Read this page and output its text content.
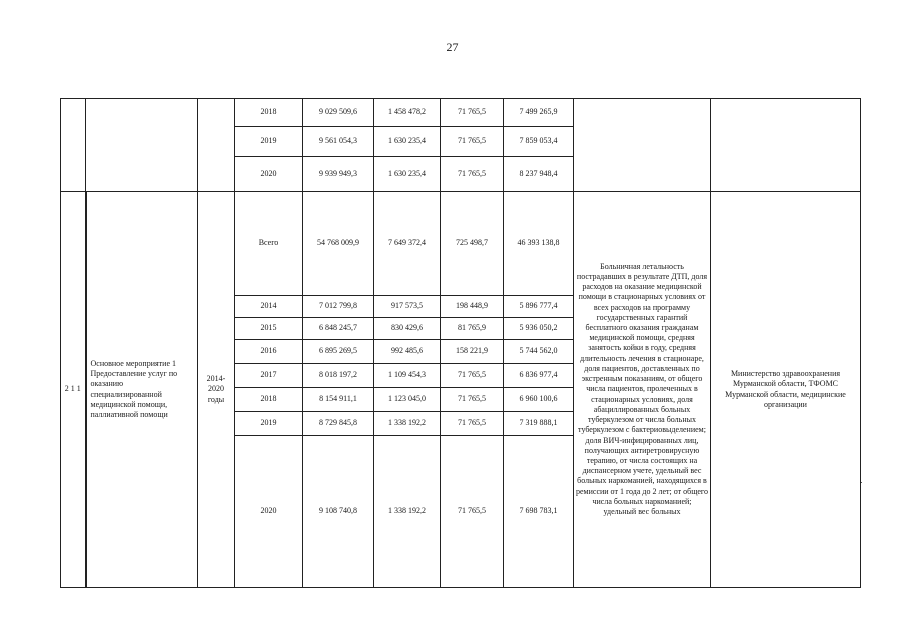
27
			2018	9 029 509,6	1 458 478,2	71 765,5	7 499 265,9		
			2019	9 561 054,3	1 630 235,4	71 765,5	7 859 053,4		
			2020	9 939 949,3	1 630 235,4	71 765,5	8 237 948,4		
2 1 1	Основное мероприятие 1 Предоставление услуг по оказанию специализированной медицинской помощи, паллиативной помощи	2014-2020 годы	Всего	54 768 009,9	7 649 372,4	725 498,7	46 393 138,8	Больничная летальность пострадавших в результате ДТП, доля расходов на оказание медицинской помощи в стационарных условиях от всех расходов на программу государственных гарантий бесплатного оказания гражданам медицинской помощи, средняя занятость койки в году, средняя длительность лечения в стационаре, доля пациентов, доставленных по экстренным показаниям, от общего числа пациентов, пролеченных в стационарных условиях, доля абациллированных больных туберкулезом от числа больных туберкулезом с бактериовыделением; доля ВИЧ-инфицированных лиц, получающих антиретровирусную терапию, от числа состоящих на диспансерном учете, удельный вес больных наркоманией, находящихся в ремиссии от 1 года до 2 лет; от общего числа больных наркоманией; удельный вес больных	Министерство здравоохранения Мурманской области, ТФОМС Мурманской области, медицинские организации
			2014	7 012 799,8	917 573,5	198 448,9	5 896 777,4		
			2015	6 848 245,7	830 429,6	81 765,9	5 936 050,2		
			2016	6 895 269,5	992 485,6	158 221,9	5 744 562,0		
			2017	8 018 197,2	1 109 454,3	71 765,5	6 836 977,4		
			2018	8 154 911,1	1 123 045,0	71 765,5	6 960 100,6		
			2019	8 729 845,8	1 338 192,2	71 765,5	7 319 888,1		
			2020	9 108 740,8	1 338 192,2	71 765,5	7 698 783,1		
